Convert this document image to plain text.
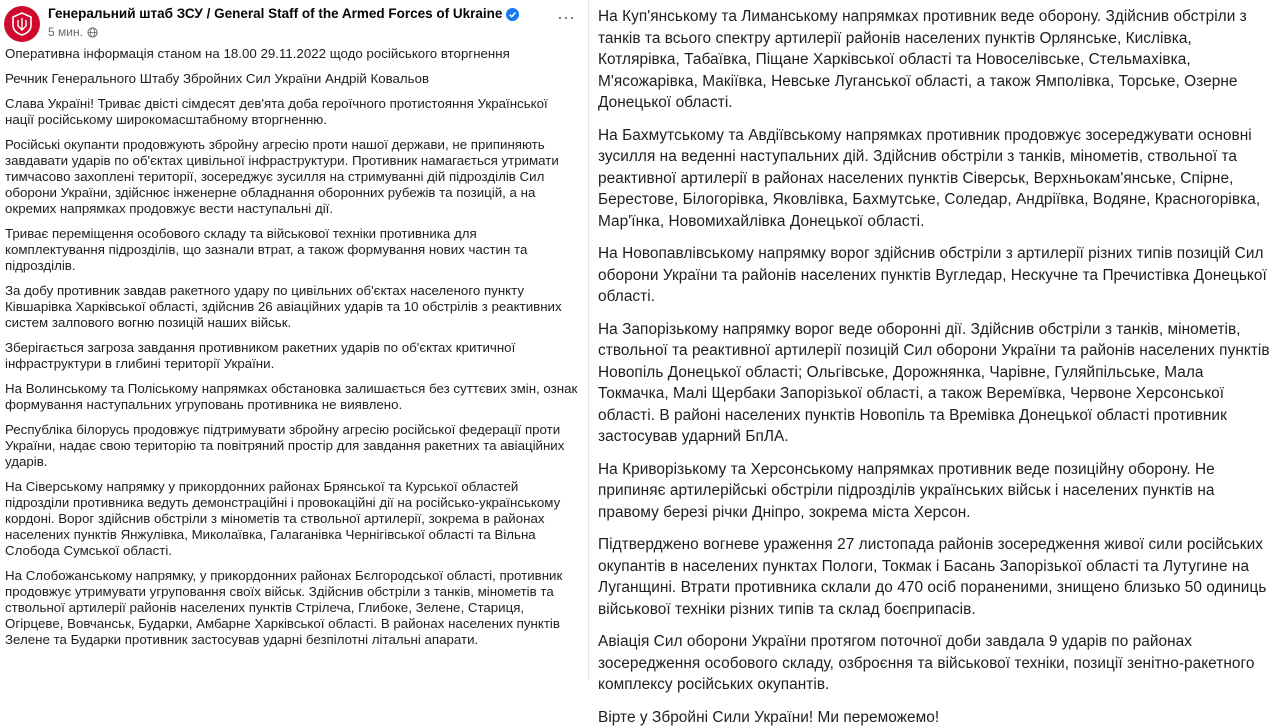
Генеральний штаб ЗСУ / General Staff of the Armed Forces of Ukraine
5 мин.
···

Оперативна інформація станом на 18.00 29.11.2022 щодо російського вторгнення

Речник Генерального Штабу Збройних Сил України Андрій Ковальов

Слава Україні! Триває двісті сімдесят дев'ята доба героїчного протистояння Української нації російському широкомасштабному вторгненню.

Російські окупанти продовжують збройну агресію проти нашої держави, не припиняють завдавати ударів по об'єктах цивільної інфраструктури. Противник намагається утримати тимчасово захоплені території, зосереджує зусилля на стримуванні дій підрозділів Сил оборони України, здійснює інженерне обладнання оборонних рубежів та позицій, а на окремих напрямках продовжує вести наступальні дії.

Триває переміщення особового складу та військової техніки противника для комплектування підрозділів, що зазнали втрат, а також формування нових частин та підрозділів.

За добу противник завдав ракетного удару по цивільних об'єктах населеного пункту Ківшарівка Харківської області, здійснив 26 авіаційних ударів та 10 обстрілів з реактивних систем залпового вогню позицій наших військ.

Зберігається загроза завдання противником ракетних ударів по об'єктах критичної інфраструктури в глибині території України.

На Волинському та Поліському напрямках обстановка залишається без суттєвих змін, ознак формування наступальних угруповань противника не виявлено.

Республіка білорусь продовжує підтримувати збройну агресію російської федерації проти України, надає свою територію та повітряний простір для завдання ракетних та авіаційних ударів.

На Сіверському напрямку у прикордонних районах Брянської та Курської областей підрозділи противника ведуть демонстраційні і провокаційні дії на російсько-українському кордоні. Ворог здійснив обстріли з мінометів та ствольної артилерії, зокрема в районах населених пунктів Янжулівка, Миколаївка, Галаганівка Чернігівської області та Вільна Слобода Сумської області.

На Слобожанському напрямку, у прикордонних районах Бєлгородської області, противник продовжує утримувати угруповання своїх військ. Здійснив обстріли з танків, мінометів та ствольної артилерії районів населених пунктів Стрілеча, Глибоке, Зелене, Стариця, Огірцеве, Вовчанськ, Бударки, Амбарне Харківської області. В районах населених пунктів Зелене та Бударки противник застосував ударні безпілотні літальні апарати.

На Куп'янському та Лиманському напрямках противник веде оборону. Здійснив обстріли з танків та всього спектру артилерії районів населених пунктів Орлянське, Кислівка, Котлярівка, Табаївка, Піщане Харківської області та Новоселівське, Стельмахівка, М'ясожарівка, Макіївка, Невське Луганської області, а також Ямполівка, Торське, Озерне Донецької області.

На Бахмутському та Авдіївському напрямках противник продовжує зосереджувати основні зусилля на веденні наступальних дій. Здійснив обстріли з танків, мінометів, ствольної та реактивної артилерії в районах населених пунктів Сіверськ, Верхньокам'янське, Спірне, Берестове, Білогорівка, Яковлівка, Бахмутське, Соледар, Андріївка, Водяне, Красногорівка, Мар'їнка, Новомихайлівка Донецької області.

На Новопавлівському напрямку ворог здійснив обстріли з артилерії різних типів позицій Сил оборони України та районів населених пунктів Вугледар, Нескучне та Пречистівка Донецької області.

На Запорізькому напрямку ворог веде оборонні дії. Здійснив обстріли з танків, мінометів, ствольної та реактивної артилерії позицій Сил оборони України та районів населених пунктів Новопіль Донецької області; Ольгівське, Дорожнянка, Чарівне, Гуляйпільське, Мала Токмачка, Малі Щербаки Запорізької області, а також Веремївка, Червоне Херсонської області. В районі населених пунктів Новопіль та Времівка Донецької області противник застосував ударний БпЛА.

На Криворізькому та Херсонському напрямках противник веде позиційну оборону. Не припиняє артилерійські обстріли підрозділів українських військ і населених пунктів на правому березі річки Дніпро, зокрема міста Херсон.

Підтверджено вогневе ураження 27 листопада районів зосередження живої сили російських окупантів в населених пунктах Пологи, Токмак і Басань Запорізької області та Лутугине на Луганщині. Втрати противника склали до 470 осіб пораненими, знищено близько 50 одиниць військової техніки різних типів та склад боєприпасів.

Авіація Сил оборони України протягом поточної доби завдала 9 ударів по районах зосередження особового складу, озброєння та військової техніки, позиції зенітно-ракетного комплексу російських окупантів.

Вірте у Збройні Сили України! Ми переможемо!
